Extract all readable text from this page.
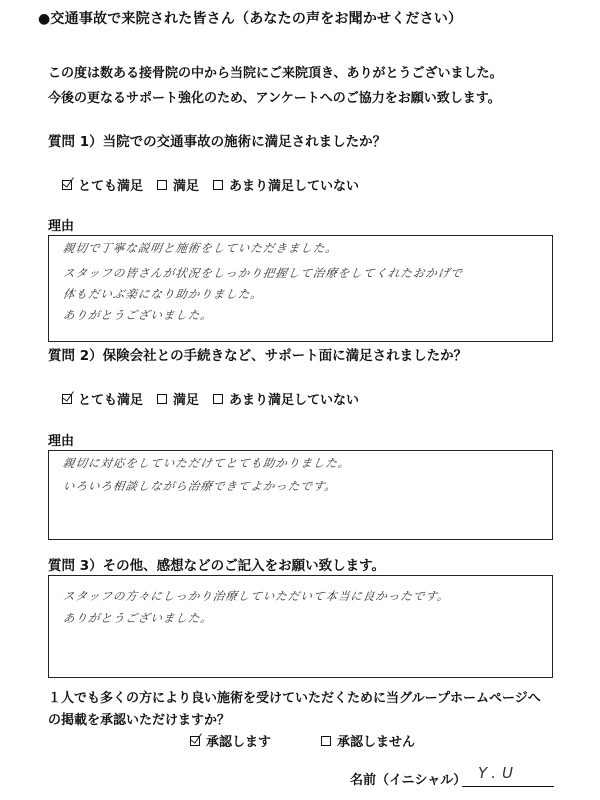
●交通事故で来院された皆さん（あなたの声をお聞かせください）
この度は数ある接骨院の中から当院にご来院頂き、ありがとうございました。
今後の更なるサポート強化のため、アンケートへのご協力をお願い致します。
質問 1）当院での交通事故の施術に満足されましたか？
とても満足 満足 あまり満足していない
理由
親切で丁寧な説明と施術をしていただきました。
スタッフの皆さんが状況をしっかり把握して治療をしてくれたおかげで
体もだいぶ楽になり助かりました。
ありがとうございました。
質問 2）保険会社との手続きなど、サポート面に満足されましたか？
とても満足 満足 あまり満足していない
理由
親切に対応をしていただけてとても助かりました。
いろいろ相談しながら治療できてよかったです。
質問 3）その他、感想などのご記入をお願い致します。
スタッフの方々にしっかり治療していただいて本当に良かったです。
ありがとうございました。
１人でも多くの方により良い施術を受けていただくために当グループホームページへ
の掲載を承認いただけますか？
承認します	承認しません
名前（イニシャル） Y.U
